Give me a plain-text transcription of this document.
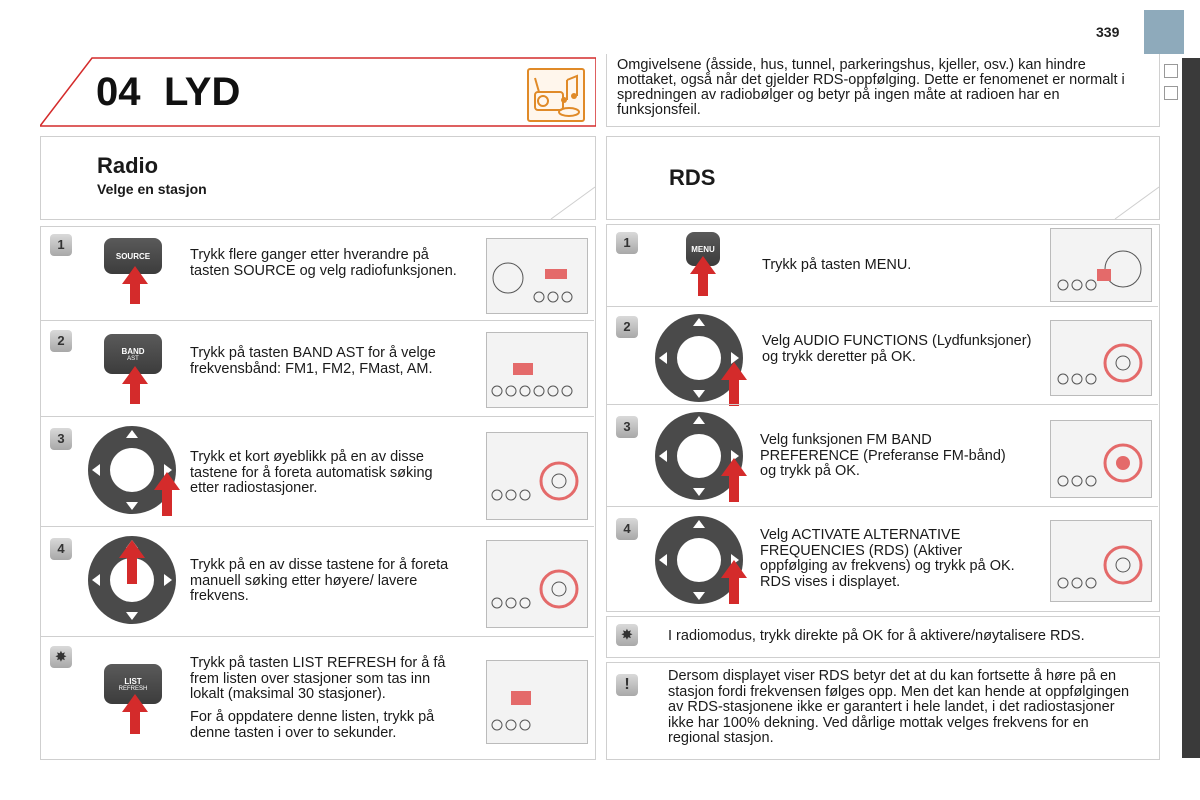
339
04 LYD

Omgivelsene (åsside, hus, tunnel, parkeringshus, kjeller, osv.) kan hindre mottaket, også når det gjelder RDS-oppfølging. Dette er fenomenet er normalt i spredningen av radiobølger og betyr på ingen måte at radioen har en funksjonsfeil.

Radio
Velge en stasjon
1
SOURCE	Trykk flere ganger etter hverandre på tasten SOURCE og velg radiofunksjonen.
2
BAND
AST	Trykk på tasten BAND AST for å velge frekvensbånd: FM1, FM2, FMast, AM.
3
Trykk et kort øyeblikk på en av disse tastene for å foreta automatisk søking etter radiostasjoner.
4
Trykk på en av disse tastene for å foreta manuell søking etter høyere/ lavere frekvens.
✸
LIST
REFRESH
Trykk på tasten LIST REFRESH for å få frem listen over stasjoner som tas inn lokalt (maksimal 30 stasjoner).
For å oppdatere denne listen, trykk på denne tasten i over to sekunder.
RDS
1	MENU
Trykk på tasten MENU.
2
Velg AUDIO FUNCTIONS (Lydfunksjoner) og trykk deretter på OK.
3
Velg funksjonen FM BAND PREFERENCE (Preferanse FM-bånd) og trykk på OK.
4	Velg ACTIVATE ALTERNATIVE FREQUENCIES (RDS) (Aktiver oppfølging av frekvens) og trykk på OK. RDS vises i displayet.
✸	I radiomodus, trykk direkte på OK for å aktivere/nøytalisere RDS.
!	Dersom displayet viser RDS betyr det at du kan fortsette å høre på en stasjon fordi frekvensen følges opp. Men det kan hende at oppfølgingen av RDS-stasjonene ikke er garantert i hele landet, i det radiostasjoner ikke har 100% dekning. Ved dårlige mottak velges frekvens for en regional stasjon.
